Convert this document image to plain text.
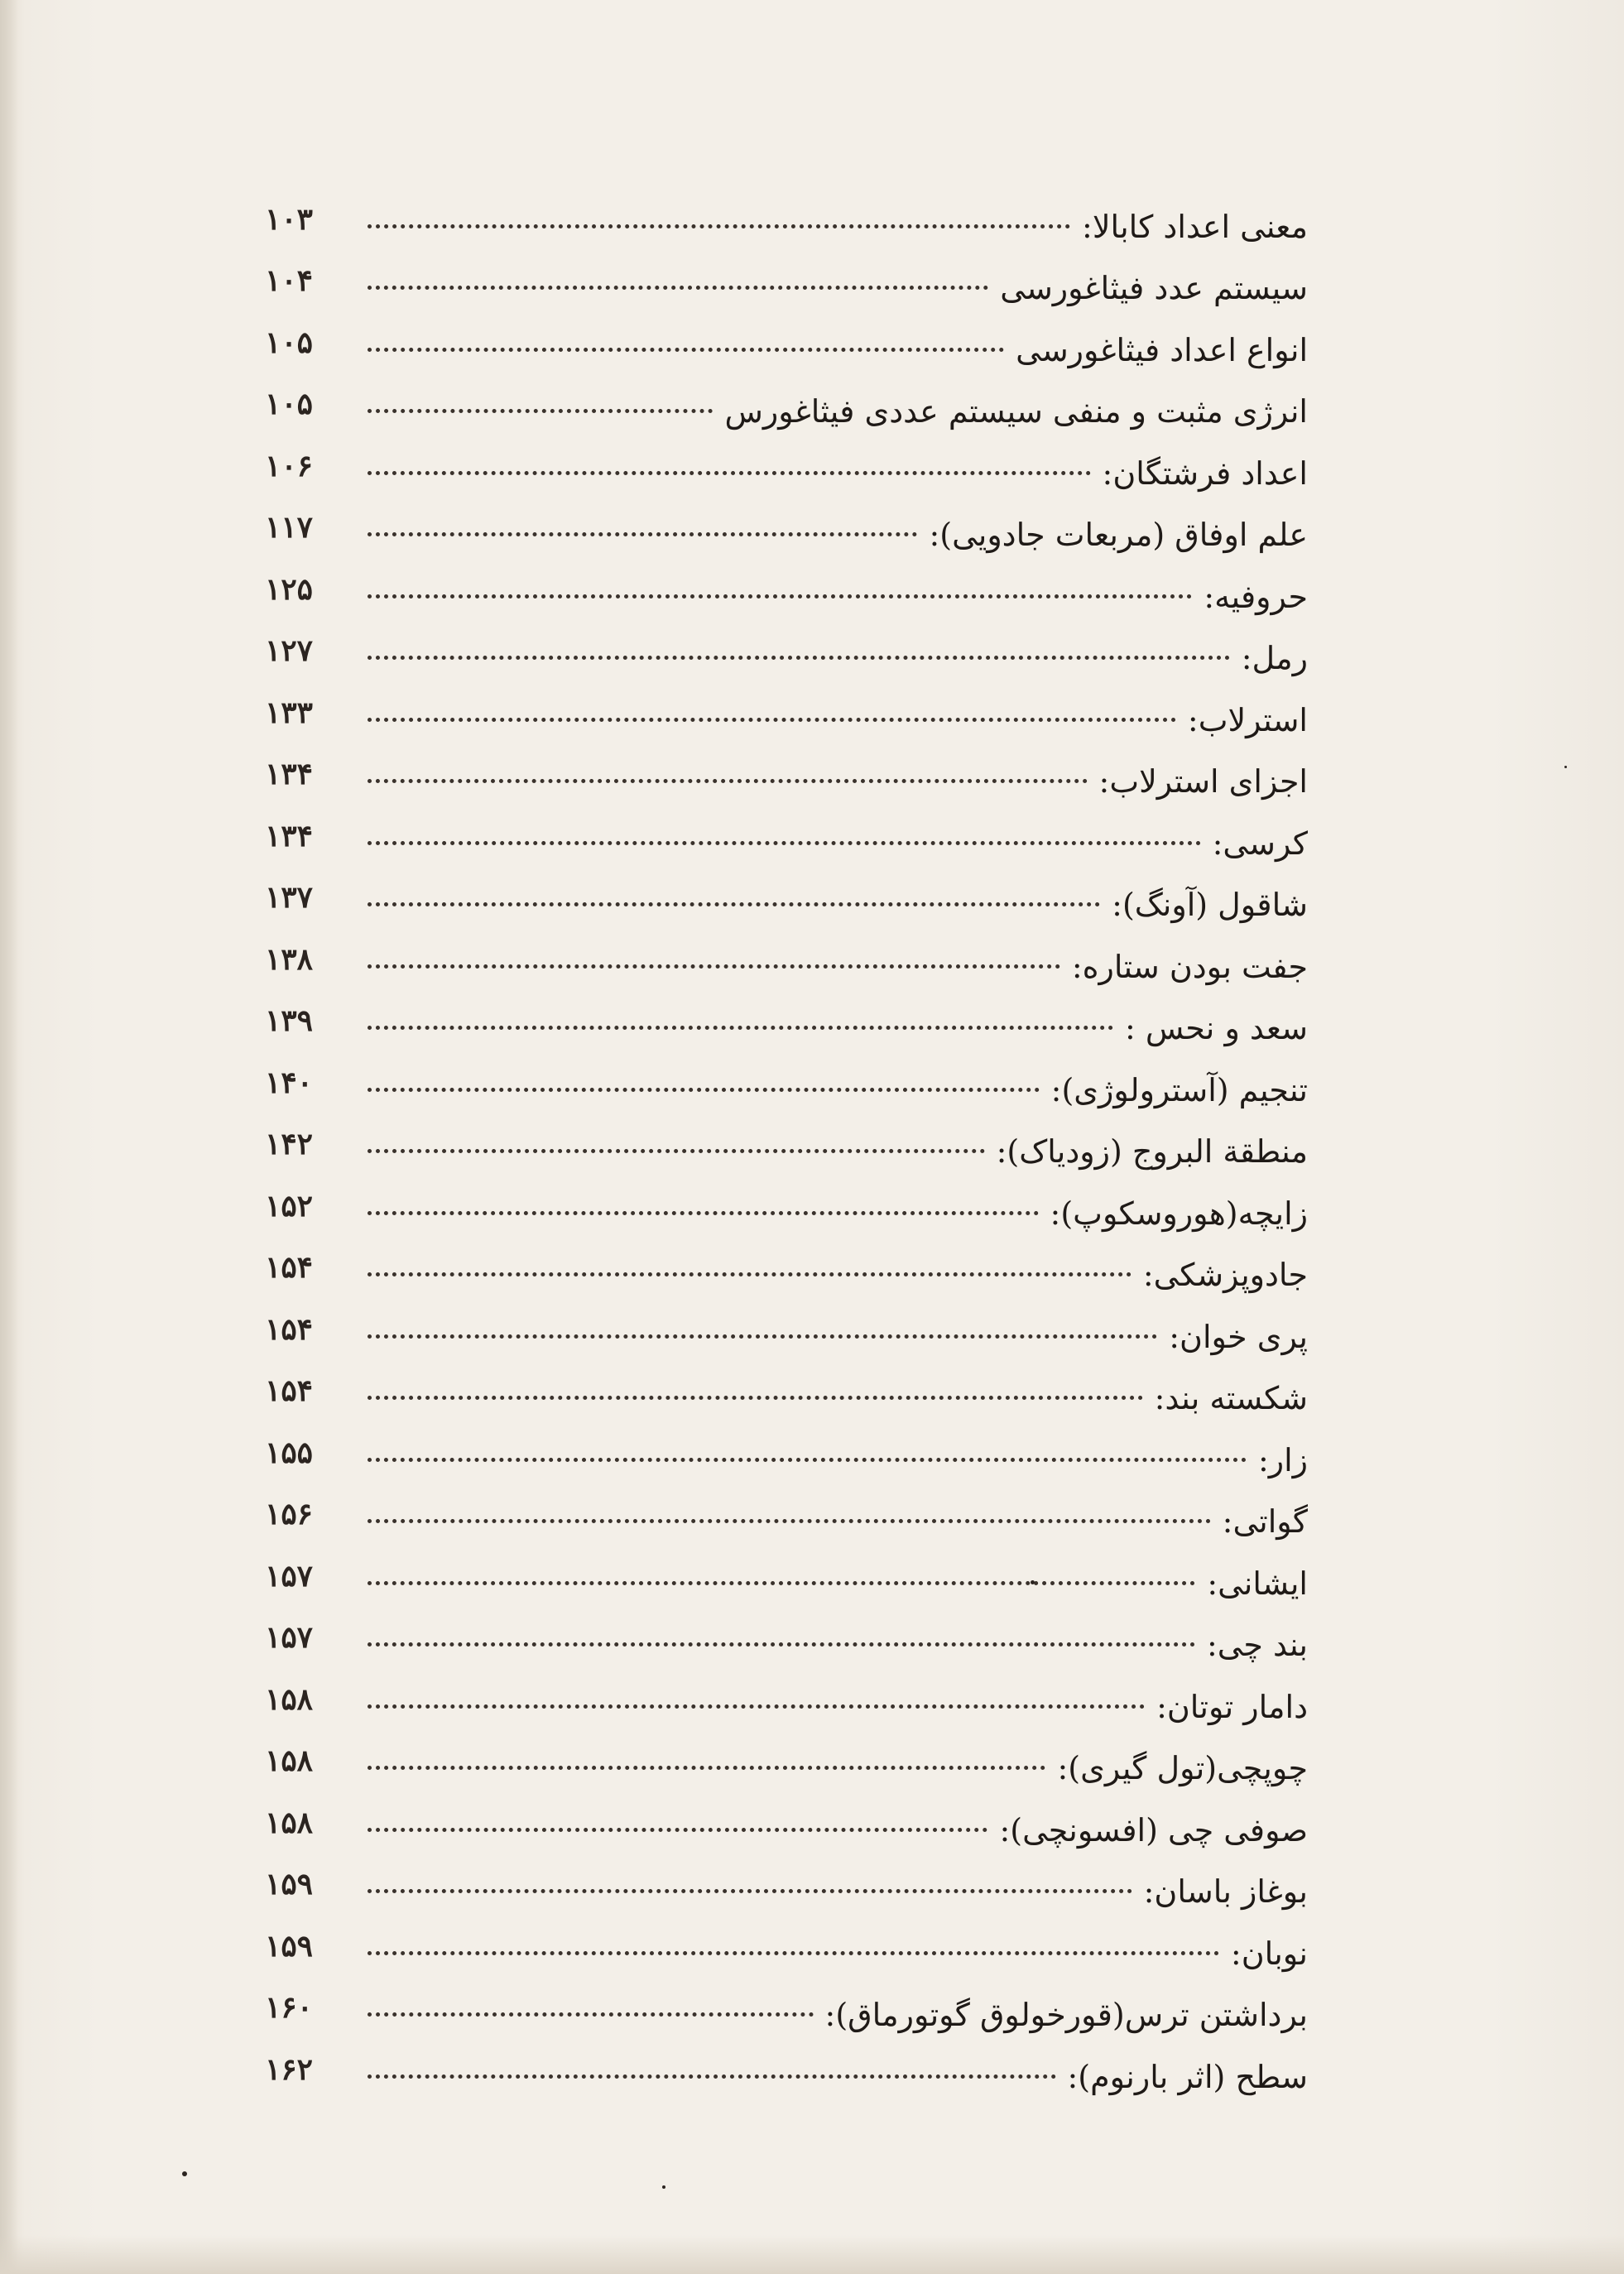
۱۰۳	معنی اعداد کابالا:
۱۰۴	سیستم عدد فیثاغورسی
۱۰۵	انواع اعداد فیثاغورسی
۱۰۵	انرژی مثبت و منفی سیستم عددی فیثاغورس
۱۰۶	اعداد فرشتگان:
۱۱۷	علم اوفاق (مربعات جادویی):
۱۲۵	حروفیه:
۱۲۷	رمل:
۱۳۳	استرلاب:
۱۳۴	اجزای استرلاب:
۱۳۴	کرسی:
۱۳۷	شاقول (آونگ):
۱۳۸	جفت بودن ستاره:
۱۳۹	سعد و نحس :
۱۴۰	تنجیم (آسترولوژی):
۱۴۲	منطقة البروج (زودیاک):
۱۵۲	زایچه(هوروسکوپ):
۱۵۴	جادوپزشکی:
۱۵۴	پری خوان:
۱۵۴	شکسته بند:
۱۵۵	زار:
۱۵۶	گواتی:
۱۵۷	ایشانی:
۱۵۷	بند چی:
۱۵۸	دامار توتان:
۱۵۸	چوپچی(تول گیری):
۱۵۸	صوفی چی (افسونچی):
۱۵۹	بوغاز باسان:
۱۵۹	نوبان:
۱۶۰	برداشتن ترس(قورخولوق گوتورماق):
۱۶۲	سطح (اثر بارنوم):
